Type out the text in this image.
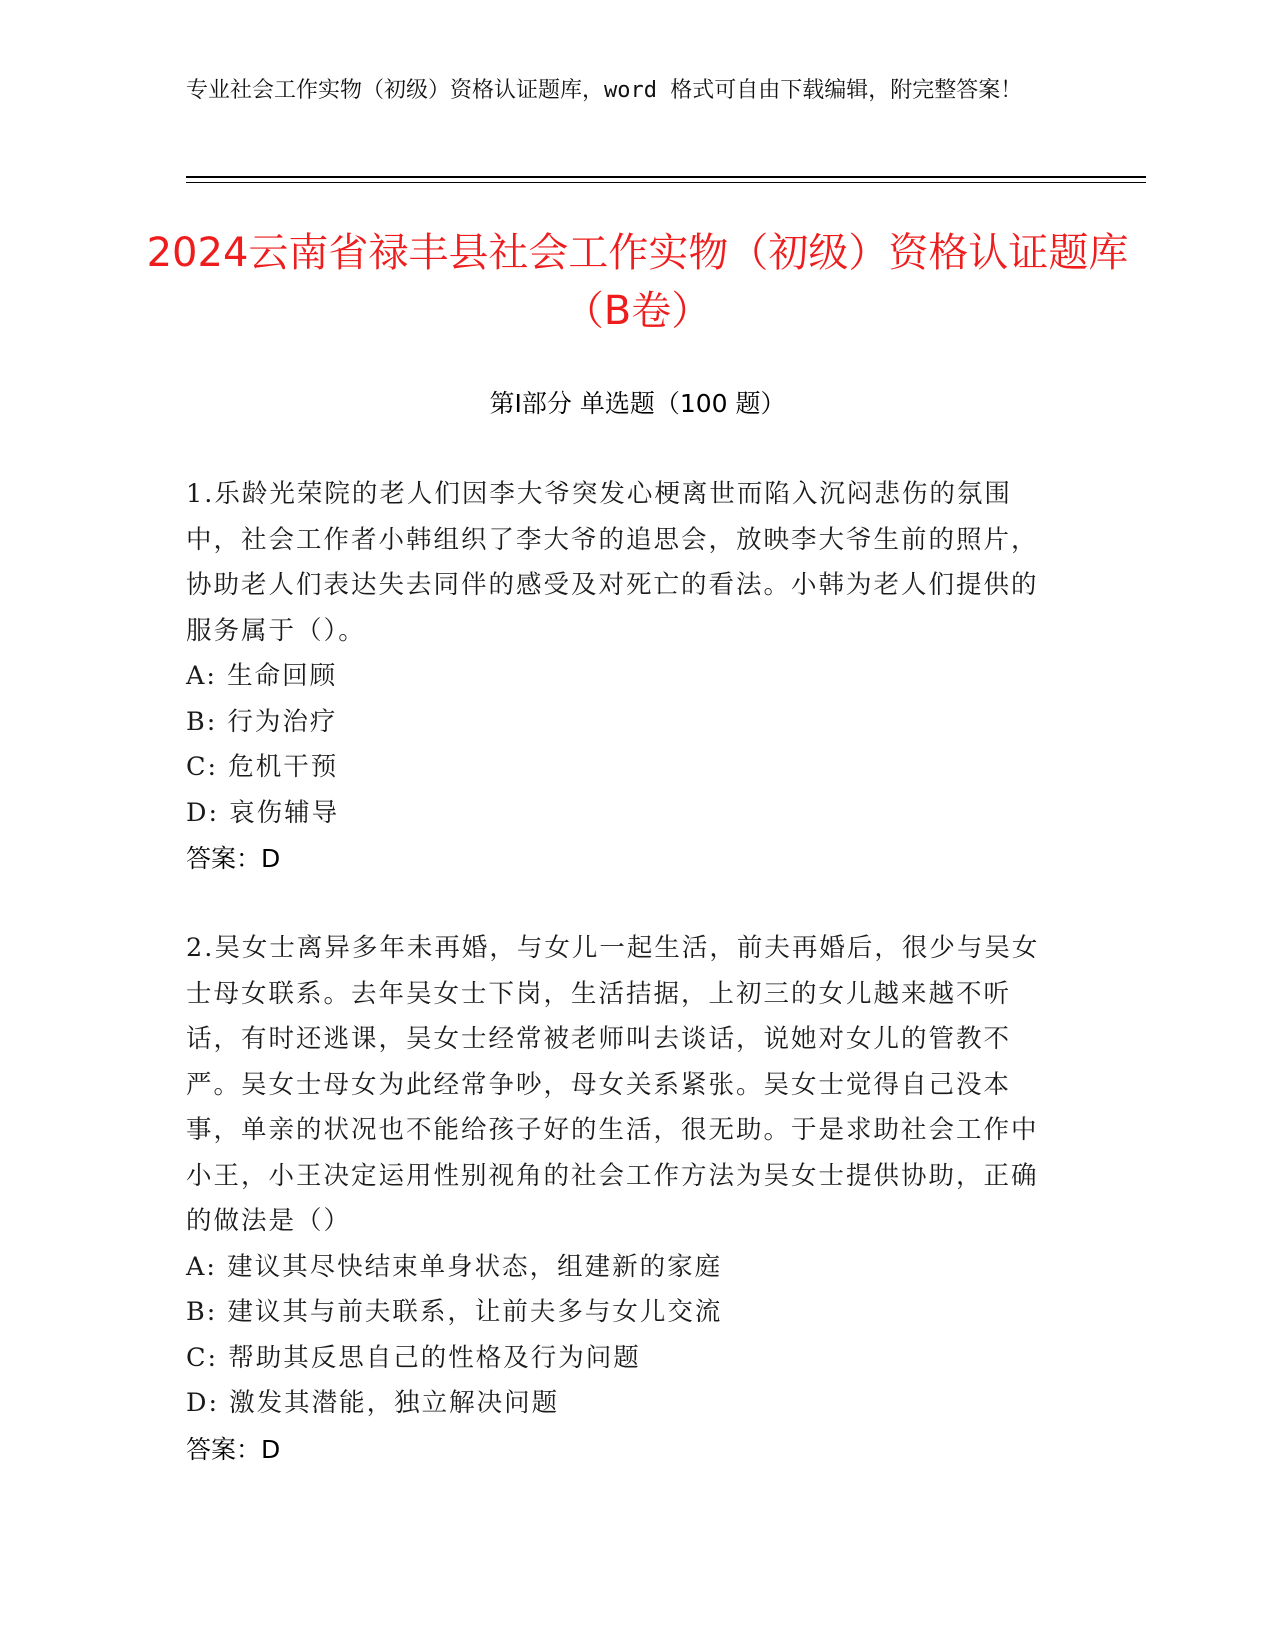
专业社会工作实物（初级）资格认证题库，word 格式可自由下载编辑，附完整答案！
2024云南省禄丰县社会工作实物（初级）资格认证题库（B卷）
第Ⅰ部分 单选题（100 题）
1.乐龄光荣院的老人们因李大爷突发心梗离世而陷入沉闷悲伤的氛围中，社会工作者小韩组织了李大爷的追思会，放映李大爷生前的照片，协助老人们表达失去同伴的感受及对死亡的看法。小韩为老人们提供的服务属于（）。
A: 生命回顾
B: 行为治疗
C: 危机干预
D: 哀伤辅导
答案：D
2.吴女士离异多年未再婚，与女儿一起生活，前夫再婚后，很少与吴女士母女联系。去年吴女士下岗，生活拮据，上初三的女儿越来越不听话，有时还逃课，吴女士经常被老师叫去谈话，说她对女儿的管教不严。吴女士母女为此经常争吵，母女关系紧张。吴女士觉得自己没本事，单亲的状况也不能给孩子好的生活，很无助。于是求助社会工作中小王，小王决定运用性别视角的社会工作方法为吴女士提供协助，正确的做法是（）
A: 建议其尽快结束单身状态，组建新的家庭
B: 建议其与前夫联系，让前夫多与女儿交流
C: 帮助其反思自己的性格及行为问题
D: 激发其潜能，独立解决问题
答案：D
